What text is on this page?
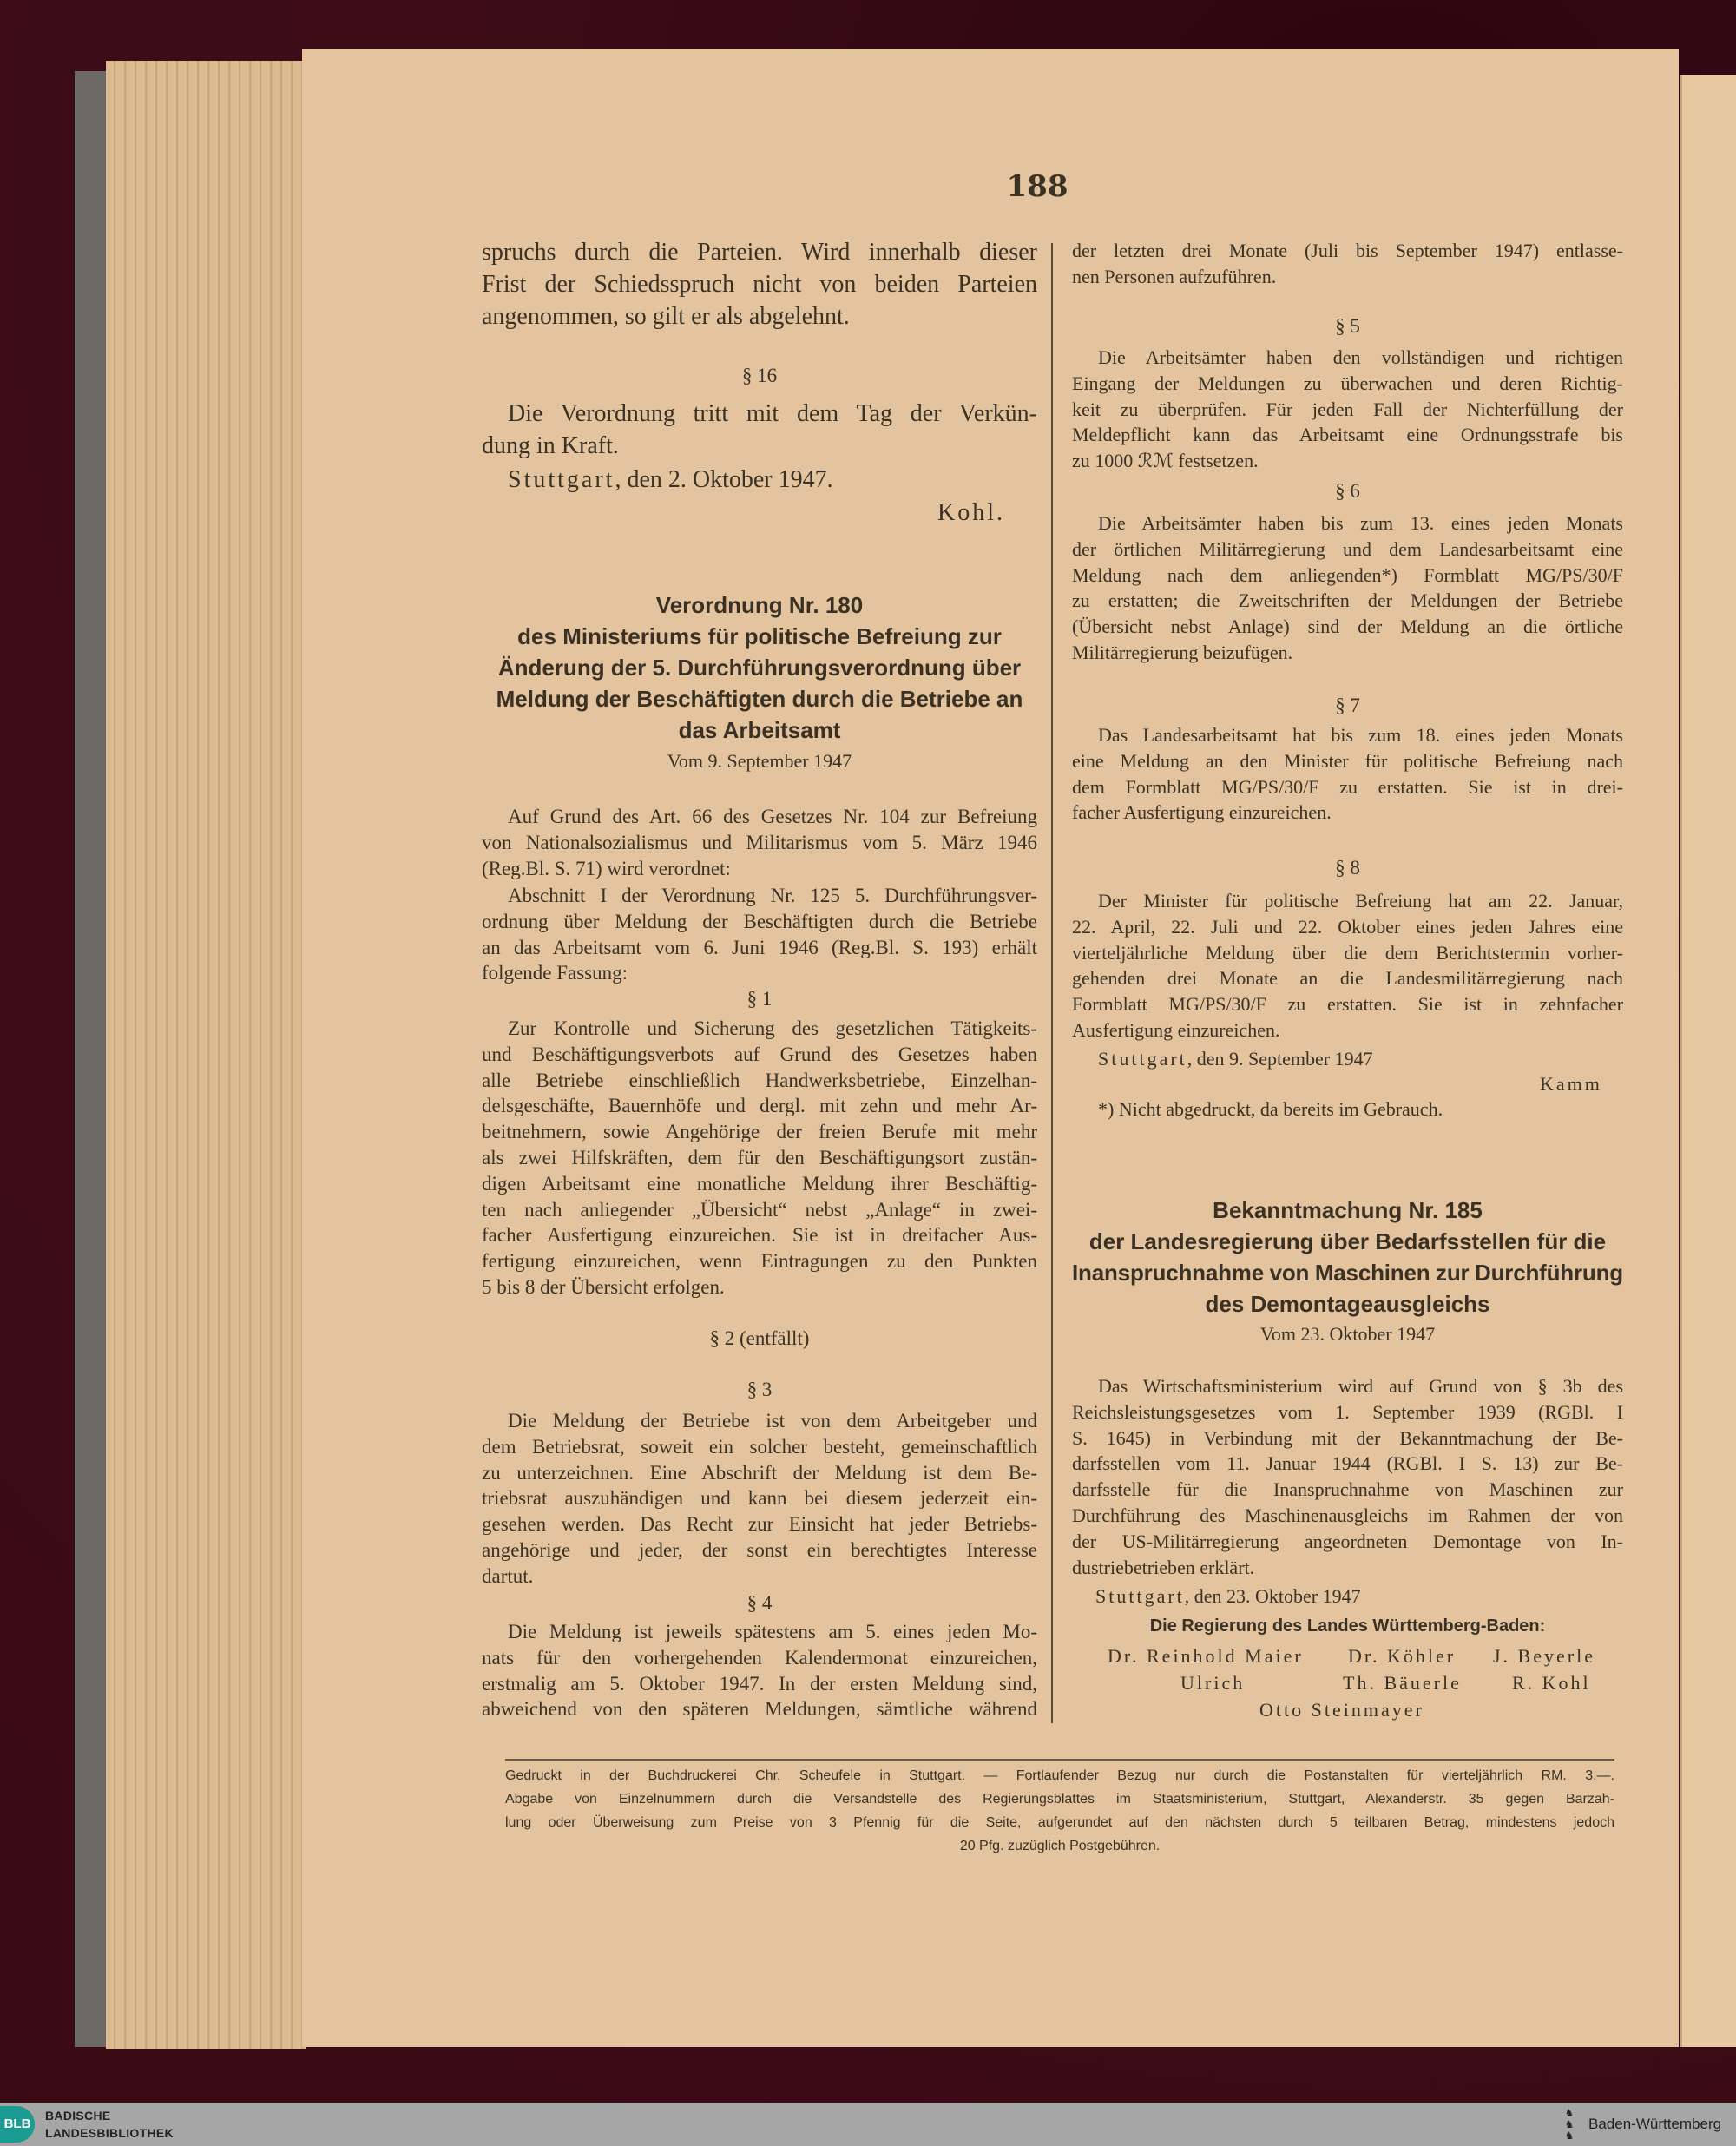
188
spruchs durch die Parteien. Wird innerhalb dieser
Frist der Schiedsspruch nicht von beiden Parteien
angenommen, so gilt er als abgelehnt.
§ 16
Die Verordnung tritt mit dem Tag der Verkün-
dung in Kraft.
Stuttgart, den 2. Oktober 1947.
Kohl.
Verordnung Nr. 180
des Ministeriums für politische Befreiung zur
Änderung der 5. Durchführungsverordnung über
Meldung der Beschäftigten durch die Betriebe an
das Arbeitsamt
Vom 9. September 1947
Auf Grund des Art. 66 des Gesetzes Nr. 104 zur Befreiung
von Nationalsozialismus und Militarismus vom 5. März 1946
(Reg.Bl. S. 71) wird verordnet:
Abschnitt I der Verordnung Nr. 125 5. Durchführungsver-
ordnung über Meldung der Beschäftigten durch die Betriebe
an das Arbeitsamt vom 6. Juni 1946 (Reg.Bl. S. 193) erhält
folgende Fassung:
§ 1
Zur Kontrolle und Sicherung des gesetzlichen Tätigkeits-
und Beschäftigungsverbots auf Grund des Gesetzes haben
alle Betriebe einschließlich Handwerksbetriebe, Einzelhan-
delsgeschäfte, Bauernhöfe und dergl. mit zehn und mehr Ar-
beitnehmern, sowie Angehörige der freien Berufe mit mehr
als zwei Hilfskräften, dem für den Beschäftigungsort zustän-
digen Arbeitsamt eine monatliche Meldung ihrer Beschäftig-
ten nach anliegender „Übersicht“ nebst „Anlage“ in zwei-
facher Ausfertigung einzureichen. Sie ist in dreifacher Aus-
fertigung einzureichen, wenn Eintragungen zu den Punkten
5 bis 8 der Übersicht erfolgen.
§ 2 (entfällt)
§ 3
Die Meldung der Betriebe ist von dem Arbeitgeber und
dem Betriebsrat, soweit ein solcher besteht, gemeinschaftlich
zu unterzeichnen. Eine Abschrift der Meldung ist dem Be-
triebsrat auszuhändigen und kann bei diesem jederzeit ein-
gesehen werden. Das Recht zur Einsicht hat jeder Betriebs-
angehörige und jeder, der sonst ein berechtigtes Interesse
dartut.
§ 4
Die Meldung ist jeweils spätestens am 5. eines jeden Mo-
nats für den vorhergehenden Kalendermonat einzureichen,
erstmalig am 5. Oktober 1947. In der ersten Meldung sind,
abweichend von den späteren Meldungen, sämtliche während
der letzten drei Monate (Juli bis September 1947) entlasse-
nen Personen aufzuführen.
§ 5
Die Arbeitsämter haben den vollständigen und richtigen
Eingang der Meldungen zu überwachen und deren Richtig-
keit zu überprüfen. Für jeden Fall der Nichterfüllung der
Meldepflicht kann das Arbeitsamt eine Ordnungsstrafe bis
zu 1000 ℛℳ festsetzen.
§ 6
Die Arbeitsämter haben bis zum 13. eines jeden Monats
der örtlichen Militärregierung und dem Landesarbeitsamt eine
Meldung nach dem anliegenden*) Formblatt MG/PS/30/F
zu erstatten; die Zweitschriften der Meldungen der Betriebe
(Übersicht nebst Anlage) sind der Meldung an die örtliche
Militärregierung beizufügen.
§ 7
Das Landesarbeitsamt hat bis zum 18. eines jeden Monats
eine Meldung an den Minister für politische Befreiung nach
dem Formblatt MG/PS/30/F zu erstatten. Sie ist in drei-
facher Ausfertigung einzureichen.
§ 8
Der Minister für politische Befreiung hat am 22. Januar,
22. April, 22. Juli und 22. Oktober eines jeden Jahres eine
vierteljährliche Meldung über die dem Berichtstermin vorher-
gehenden drei Monate an die Landesmilitärregierung nach
Formblatt MG/PS/30/F zu erstatten. Sie ist in zehnfacher
Ausfertigung einzureichen.
Stuttgart, den 9. September 1947
Kamm
*) Nicht abgedruckt, da bereits im Gebrauch.
Bekanntmachung Nr. 185
der Landesregierung über Bedarfsstellen für die
Inanspruchnahme von Maschinen zur Durchführung
des Demontageausgleichs
Vom 23. Oktober 1947
Das Wirtschaftsministerium wird auf Grund von § 3b des
Reichsleistungsgesetzes vom 1. September 1939 (RGBl. I
S. 1645) in Verbindung mit der Bekanntmachung der Be-
darfsstellen vom 11. Januar 1944 (RGBl. I S. 13) zur Be-
darfsstelle für die Inanspruchnahme von Maschinen zur
Durchführung des Maschinenausgleichs im Rahmen der von
der US-Militärregierung angeordneten Demontage von In-
dustriebetrieben erklärt.
Stuttgart, den 23. Oktober 1947
Die Regierung des Landes Württemberg-Baden:
Dr. Reinhold Maier Dr. Köhler J. Beyerle
Ulrich	Th. Bäuerle	R. Kohl
Otto Steinmayer
Gedruckt in der Buchdruckerei Chr. Scheufele in Stuttgart. — Fortlaufender Bezug nur durch die Postanstalten für vierteljährlich RM. 3.—.
Abgabe von Einzelnummern durch die Versandstelle des Regierungsblattes im Staatsministerium, Stuttgart, Alexanderstr. 35 gegen Barzah-
lung oder Überweisung zum Preise von 3 Pfennig für die Seite, aufgerundet auf den nächsten durch 5 teilbaren Betrag, mindestens jedoch
20 Pfg. zuzüglich Postgebühren.
BLB
BADISCHE
LANDESBIBLIOTHEK
♞
♞
♞
Baden-Württemberg
